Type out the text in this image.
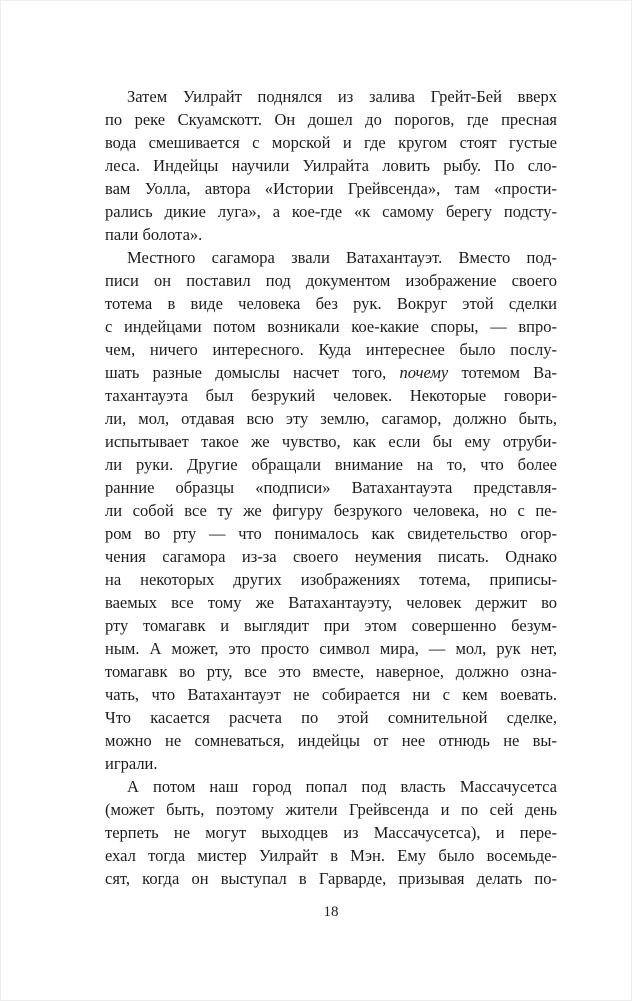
Затем Уилрайт поднялся из залива Грейт-Бей вверх
по реке Скуамскотт. Он дошел до порогов, где пресная
вода смешивается с морской и где кругом стоят густые
леса. Индейцы научили Уилрайта ловить рыбу. По сло-
вам Уолла, автора «Истории Грейвсенда», там «прости-
рались дикие луга», а кое-где «к самому берегу подсту-
пали болота».
Местного сагамора звали Ватахантауэт. Вместо под-
писи он поставил под документом изображение своего
тотема в виде человека без рук. Вокруг этой сделки
с индейцами потом возникали кое-какие споры, — впро-
чем, ничего интересного. Куда интереснее было послу-
шать разные домыслы насчет того, почему тотемом Ва-
тахантауэта был безрукий человек. Некоторые говори-
ли, мол, отдавая всю эту землю, сагамор, должно быть,
испытывает такое же чувство, как если бы ему отруби-
ли руки. Другие обращали внимание на то, что более
ранние образцы «подписи» Ватахантауэта представля-
ли собой все ту же фигуру безрукого человека, но с пе-
ром во рту — что понималось как свидетельство огор-
чения сагамора из-за своего неумения писать. Однако
на некоторых других изображениях тотема, приписы-
ваемых все тому же Ватахантауэту, человек держит во
рту томагавк и выглядит при этом совершенно безум-
ным. А может, это просто символ мира, — мол, рук нет,
томагавк во рту, все это вместе, наверное, должно озна-
чать, что Ватахантауэт не собирается ни с кем воевать.
Что касается расчета по этой сомнительной сделке,
можно не сомневаться, индейцы от нее отнюдь не вы-
играли.
А потом наш город попал под власть Массачусетса
(может быть, поэтому жители Грейвсенда и по сей день
терпеть не могут выходцев из Массачусетса), и пере-
ехал тогда мистер Уилрайт в Мэн. Ему было восемьде-
сят, когда он выступал в Гарварде, призывая делать по-
18
